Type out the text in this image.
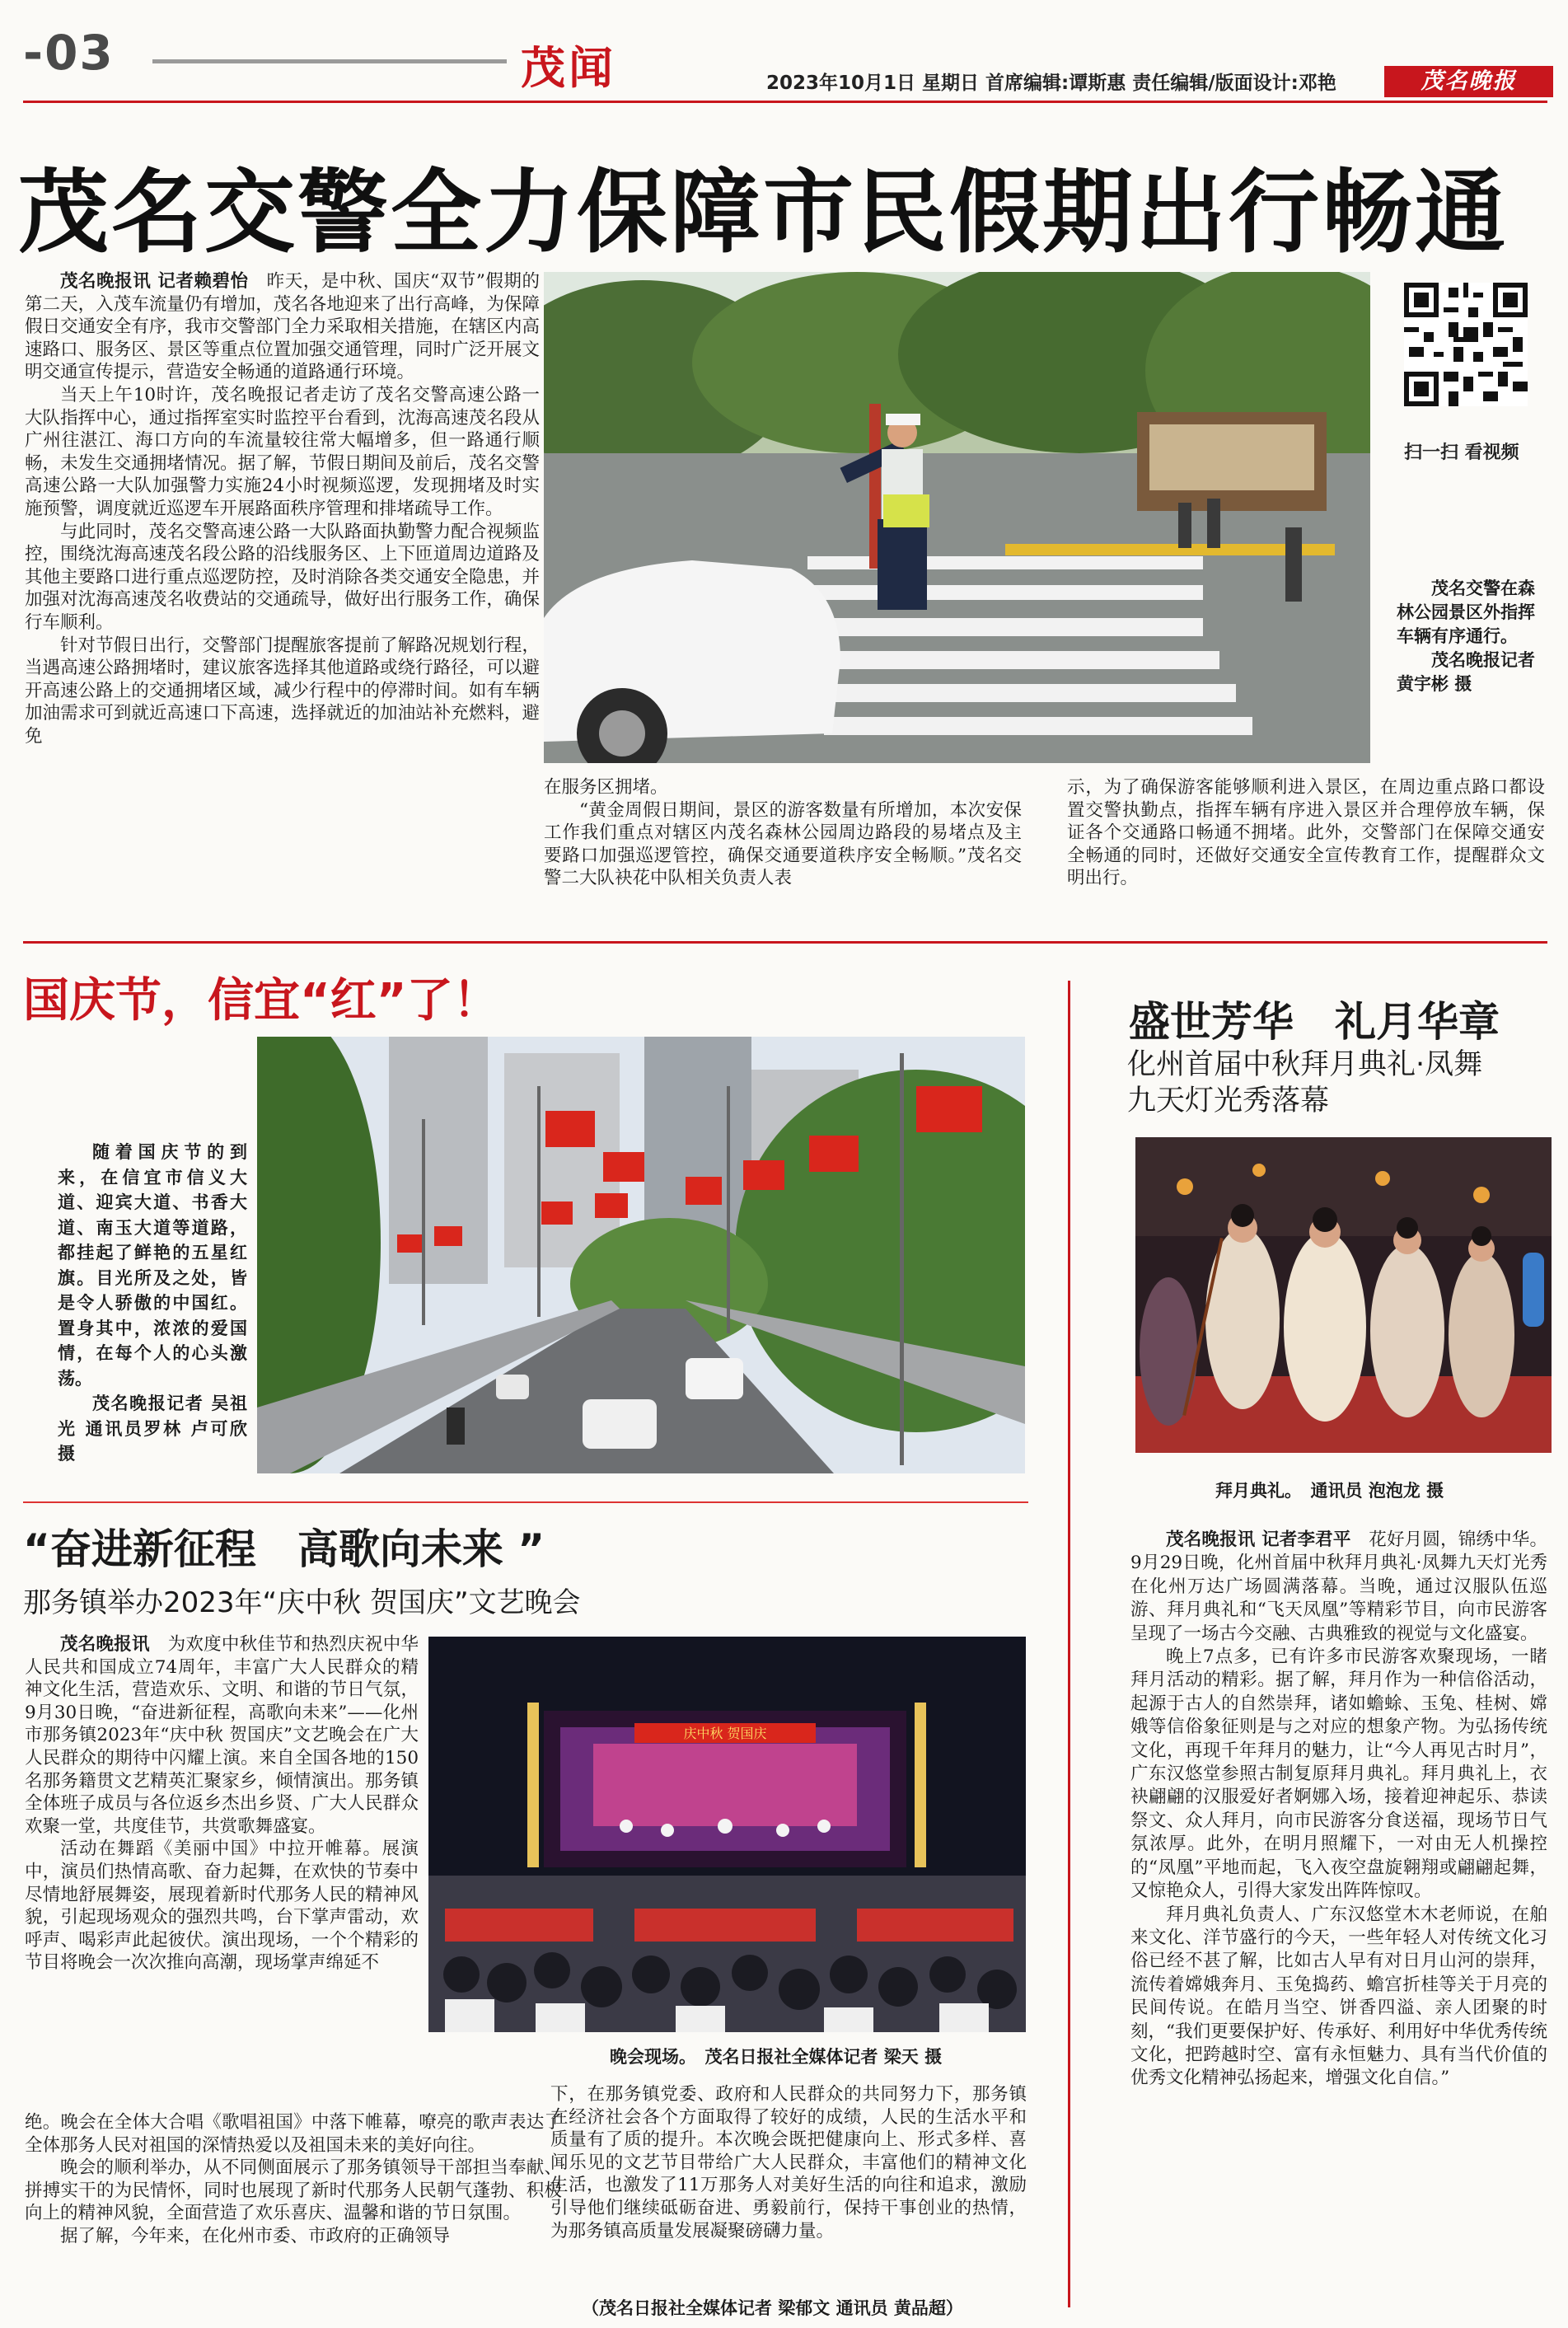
-03	茂闻	2023年10月1日 星期日 首席编辑:谭斯惠 责任编辑/版面设计:邓艳	茂名晚报
茂名交警全力保障市民假期出行畅通

茂名晚报讯 记者赖碧怡　 昨天，是中秋、国庆“双节”假期的第二天，入茂车流量仍有增加，茂名各地迎来了出行高峰，为保障假日交通安全有序，我市交警部门全力采取相关措施，在辖区内高速路口、服务区、景区等重点位置加强交通管理，同时广泛开展文明交通宣传提示，营造安全畅通的道路通行环境。

当天上午10时许，茂名晚报记者走访了茂名交警高速公路一大队指挥中心，通过指挥室实时监控平台看到，沈海高速茂名段从广州往湛江、海口方向的车流量较往常大幅增多，但一路通行顺畅，未发生交通拥堵情况。据了解，节假日期间及前后，茂名交警高速公路一大队加强警力实施24小时视频巡逻，发现拥堵及时实施预警，调度就近巡逻车开展路面秩序管理和排堵疏导工作。

与此同时，茂名交警高速公路一大队路面执勤警力配合视频监控，围绕沈海高速茂名段公路的沿线服务区、上下匝道周边道路及其他主要路口进行重点巡逻防控，及时消除各类交通安全隐患，并加强对沈海高速茂名收费站的交通疏导，做好出行服务工作，确保行车顺利。

针对节假日出行，交警部门提醒旅客提前了解路况规划行程，当遇高速公路拥堵时，建议旅客选择其他道路或绕行路径，可以避开高速公路上的交通拥堵区域，减少行程中的停滞时间。如有车辆加油需求可到就近高速口下高速，选择就近的加油站补充燃料，避免

扫一扫 看视频
茂名交警在森林公园景区外指挥车辆有序通行。
茂名晚报记者 黄宇彬 摄

在服务区拥堵。

“黄金周假日期间，景区的游客数量有所增加，本次安保工作我们重点对辖区内茂名森林公园周边路段的易堵点及主要路口加强巡逻管控，确保交通要道秩序安全畅顺。”茂名交警二大队袂花中队相关负责人表

示，为了确保游客能够顺利进入景区，在周边重点路口都设置交警执勤点，指挥车辆有序进入景区并合理停放车辆，保证各个交通路口畅通不拥堵。此外，交警部门在保障交通安全畅通的同时，还做好交通安全宣传教育工作，提醒群众文明出行。

国庆节，信宜“红”了！
随着国庆节的到来，在信宜市信义大道、迎宾大道、书香大道、南玉大道等道路，都挂起了鲜艳的五星红旗。目光所及之处，皆是令人骄傲的中国红。置身其中，浓浓的爱国情，在每个人的心头激荡。
茂名晚报记者 吴祖光 通讯员罗林 卢可欣 摄
盛世芳华　礼月华章
化州首届中秋拜月典礼·凤舞
九天灯光秀落幕
拜月典礼。　通讯员 泡泡龙 摄

茂名晚报讯 记者李君平　 花好月圆，锦绣中华。9月29日晚，化州首届中秋拜月典礼·凤舞九天灯光秀在化州万达广场圆满落幕。当晚，通过汉服队伍巡游、拜月典礼和“飞天凤凰”等精彩节目，向市民游客呈现了一场古今交融、古典雅致的视觉与文化盛宴。

晚上7点多，已有许多市民游客欢聚现场，一睹拜月活动的精彩。据了解，拜月作为一种信俗活动，起源于古人的自然崇拜，诸如蟾蜍、玉兔、桂树、嫦娥等信俗象征则是与之对应的想象产物。为弘扬传统文化，再现千年拜月的魅力，让“今人再见古时月”，广东汉悠堂参照古制复原拜月典礼。拜月典礼上，衣袂翩翩的汉服爱好者婀娜入场，接着迎神起乐、恭读祭文、众人拜月，向市民游客分食送福，现场节日气氛浓厚。此外，在明月照耀下，一对由无人机操控的“凤凰”平地而起，飞入夜空盘旋翱翔或翩翩起舞，又惊艳众人，引得大家发出阵阵惊叹。

拜月典礼负责人、广东汉悠堂木木老师说，在舶来文化、洋节盛行的今天，一些年轻人对传统文化习俗已经不甚了解，比如古人早有对日月山河的崇拜，流传着嫦娥奔月、玉兔捣药、蟾宫折桂等关于月亮的民间传说。在皓月当空、饼香四溢、亲人团聚的时刻，“我们更要保护好、传承好、利用好中华优秀传统文化，把跨越时空、富有永恒魅力、具有当代价值的优秀文化精神弘扬起来，增强文化自信。”

“奋进新征程　高歌向未来 ”
那务镇举办2023年“庆中秋 贺国庆”文艺晚会

茂名晚报讯　 为欢度中秋佳节和热烈庆祝中华人民共和国成立74周年，丰富广大人民群众的精神文化生活，营造欢乐、文明、和谐的节日气氛，9月30日晚，“奋进新征程，高歌向未来”——化州市那务镇2023年“庆中秋 贺国庆”文艺晚会在广大人民群众的期待中闪耀上演。来自全国各地的150名那务籍贯文艺精英汇聚家乡，倾情演出。那务镇全体班子成员与各位返乡杰出乡贤、广大人民群众欢聚一堂，共度佳节，共赏歌舞盛宴。

活动在舞蹈《美丽中国》中拉开帷幕。展演中，演员们热情高歌、奋力起舞，在欢快的节奏中尽情地舒展舞姿，展现着新时代那务人民的精神风貌，引起现场观众的强烈共鸣，台下掌声雷动，欢呼声、喝彩声此起彼伏。演出现场，一个个精彩的节目将晚会一次次推向高潮，现场掌声绵延不

庆中秋 贺国庆
晚会现场。　茂名日报社全媒体记者 梁天 摄

绝。晚会在全体大合唱《歌唱祖国》中落下帷幕，嘹亮的歌声表达了全体那务人民对祖国的深情热爱以及祖国未来的美好向往。

晚会的顺利举办，从不同侧面展示了那务镇领导干部担当奉献、拼搏实干的为民情怀，同时也展现了新时代那务人民朝气蓬勃、积极向上的精神风貌，全面营造了欢乐喜庆、温馨和谐的节日氛围。

据了解，今年来，在化州市委、市政府的正确领导

下，在那务镇党委、政府和人民群众的共同努力下，那务镇在经济社会各个方面取得了较好的成绩，人民的生活水平和质量有了质的提升。本次晚会既把健康向上、形式多样、喜闻乐见的文艺节目带给广大人民群众，丰富他们的精神文化生活，也激发了11万那务人对美好生活的向往和追求，激励引导他们继续砥砺奋进、勇毅前行，保持干事创业的热情，为那务镇高质量发展凝聚磅礴力量。

（茂名日报社全媒体记者 梁郁文 通讯员 黄品超）
